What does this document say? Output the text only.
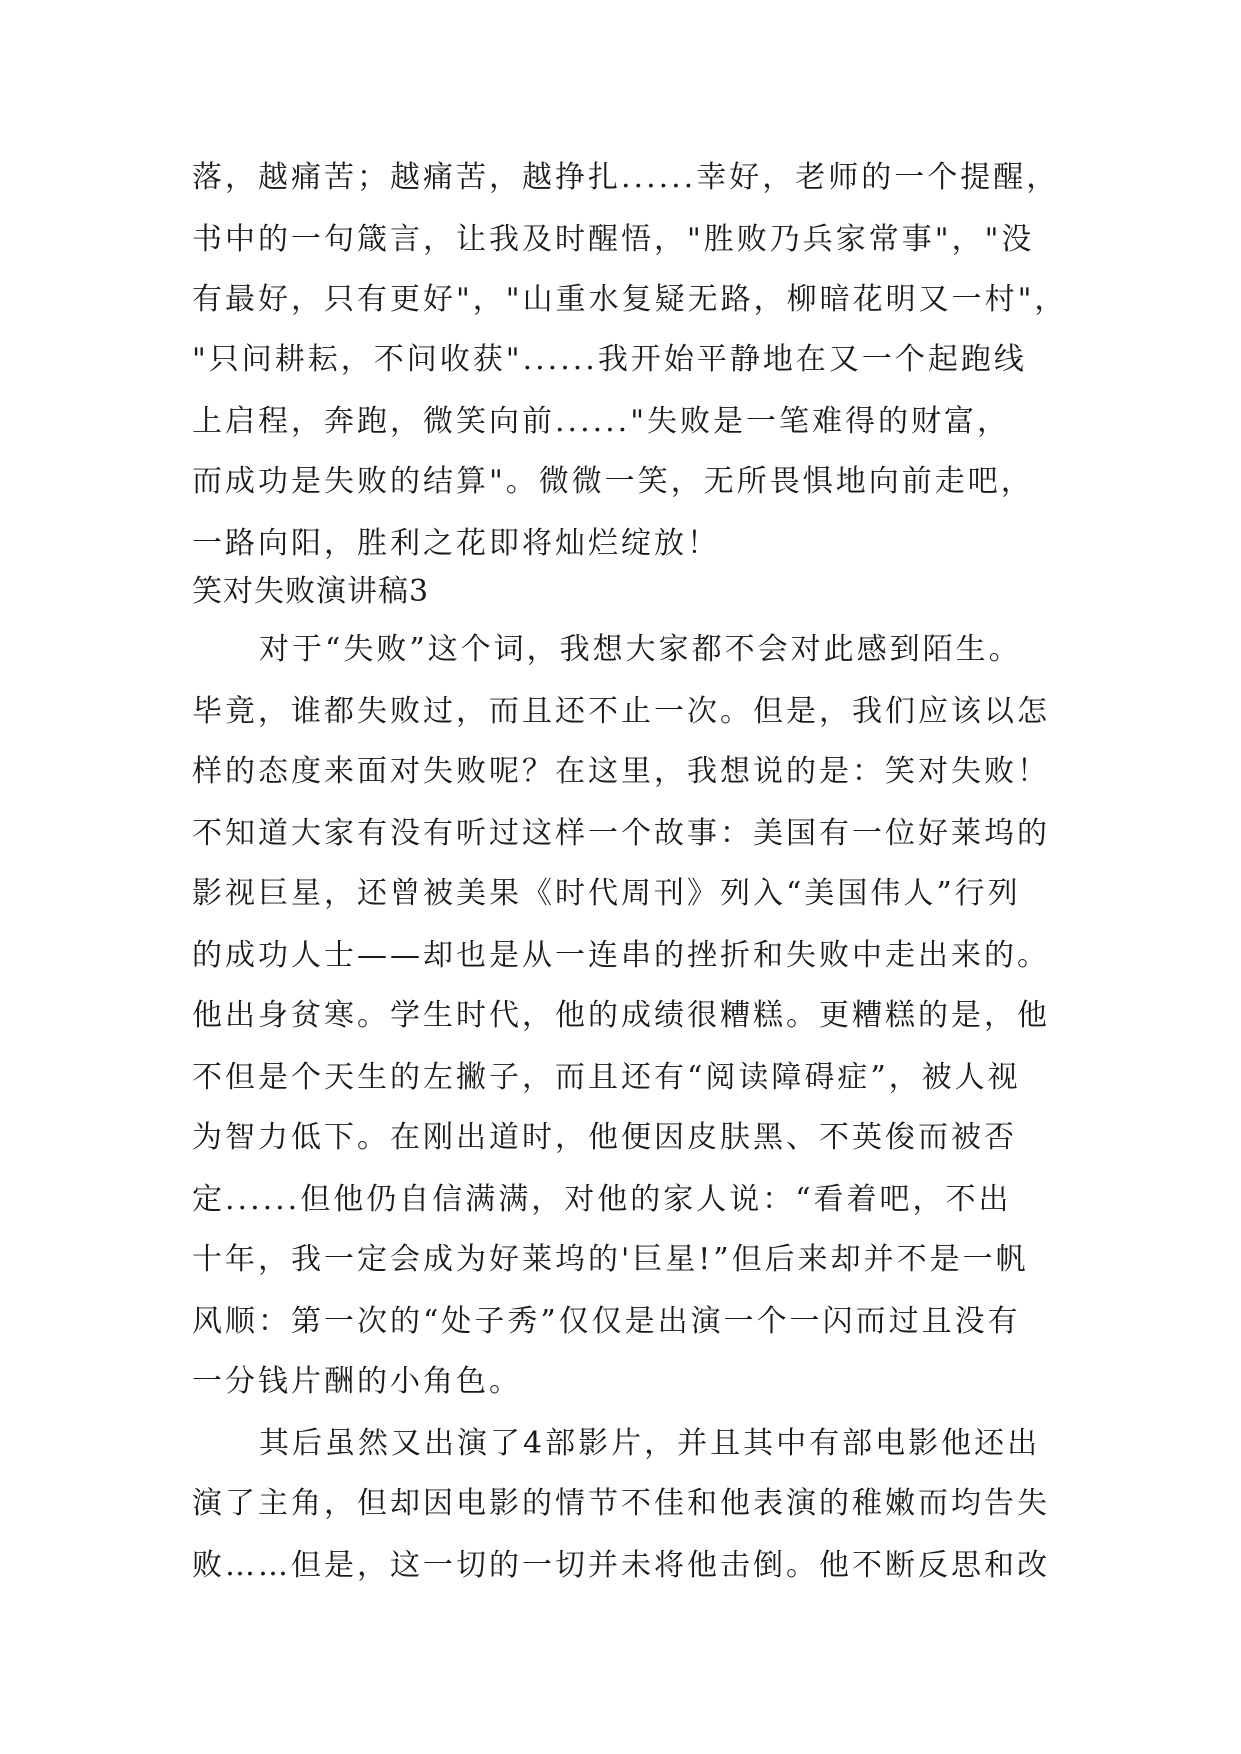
落，越痛苦；越痛苦，越挣扎......幸好，老师的一个提醒，
书中的一句箴言，让我及时醒悟，"胜败乃兵家常事"，"没
有最好，只有更好"，"山重水复疑无路，柳暗花明又一村"，
"只问耕耘，不问收获"......我开始平静地在又一个起跑线
上启程，奔跑，微笑向前......"失败是一笔难得的财富，
而成功是失败的结算"。微微一笑，无所畏惧地向前走吧，
一路向阳，胜利之花即将灿烂绽放！
笑对失败演讲稿3
对于“失败”这个词，我想大家都不会对此感到陌生。
毕竟，谁都失败过，而且还不止一次。但是，我们应该以怎
样的态度来面对失败呢？在这里，我想说的是：笑对失败！
不知道大家有没有听过这样一个故事：美国有一位好莱坞的
影视巨星，还曾被美果《时代周刊》列入“美国伟人”行列
的成功人士——却也是从一连串的挫折和失败中走出来的。
他出身贫寒。学生时代，他的成绩很糟糕。更糟糕的是，他
不但是个天生的左撇子，而且还有“阅读障碍症”，被人视
为智力低下。在刚出道时，他便因皮肤黑、不英俊而被否
定......但他仍自信满满，对他的家人说：“看着吧，不出
十年，我一定会成为好莱坞的'巨星!”但后来却并不是一帆
风顺：第一次的“处子秀”仅仅是出演一个一闪而过且没有
一分钱片酬的小角色。
其后虽然又出演了4部影片，并且其中有部电影他还出
演了主角，但却因电影的情节不佳和他表演的稚嫩而均告失
败……但是，这一切的一切并未将他击倒。他不断反思和改
